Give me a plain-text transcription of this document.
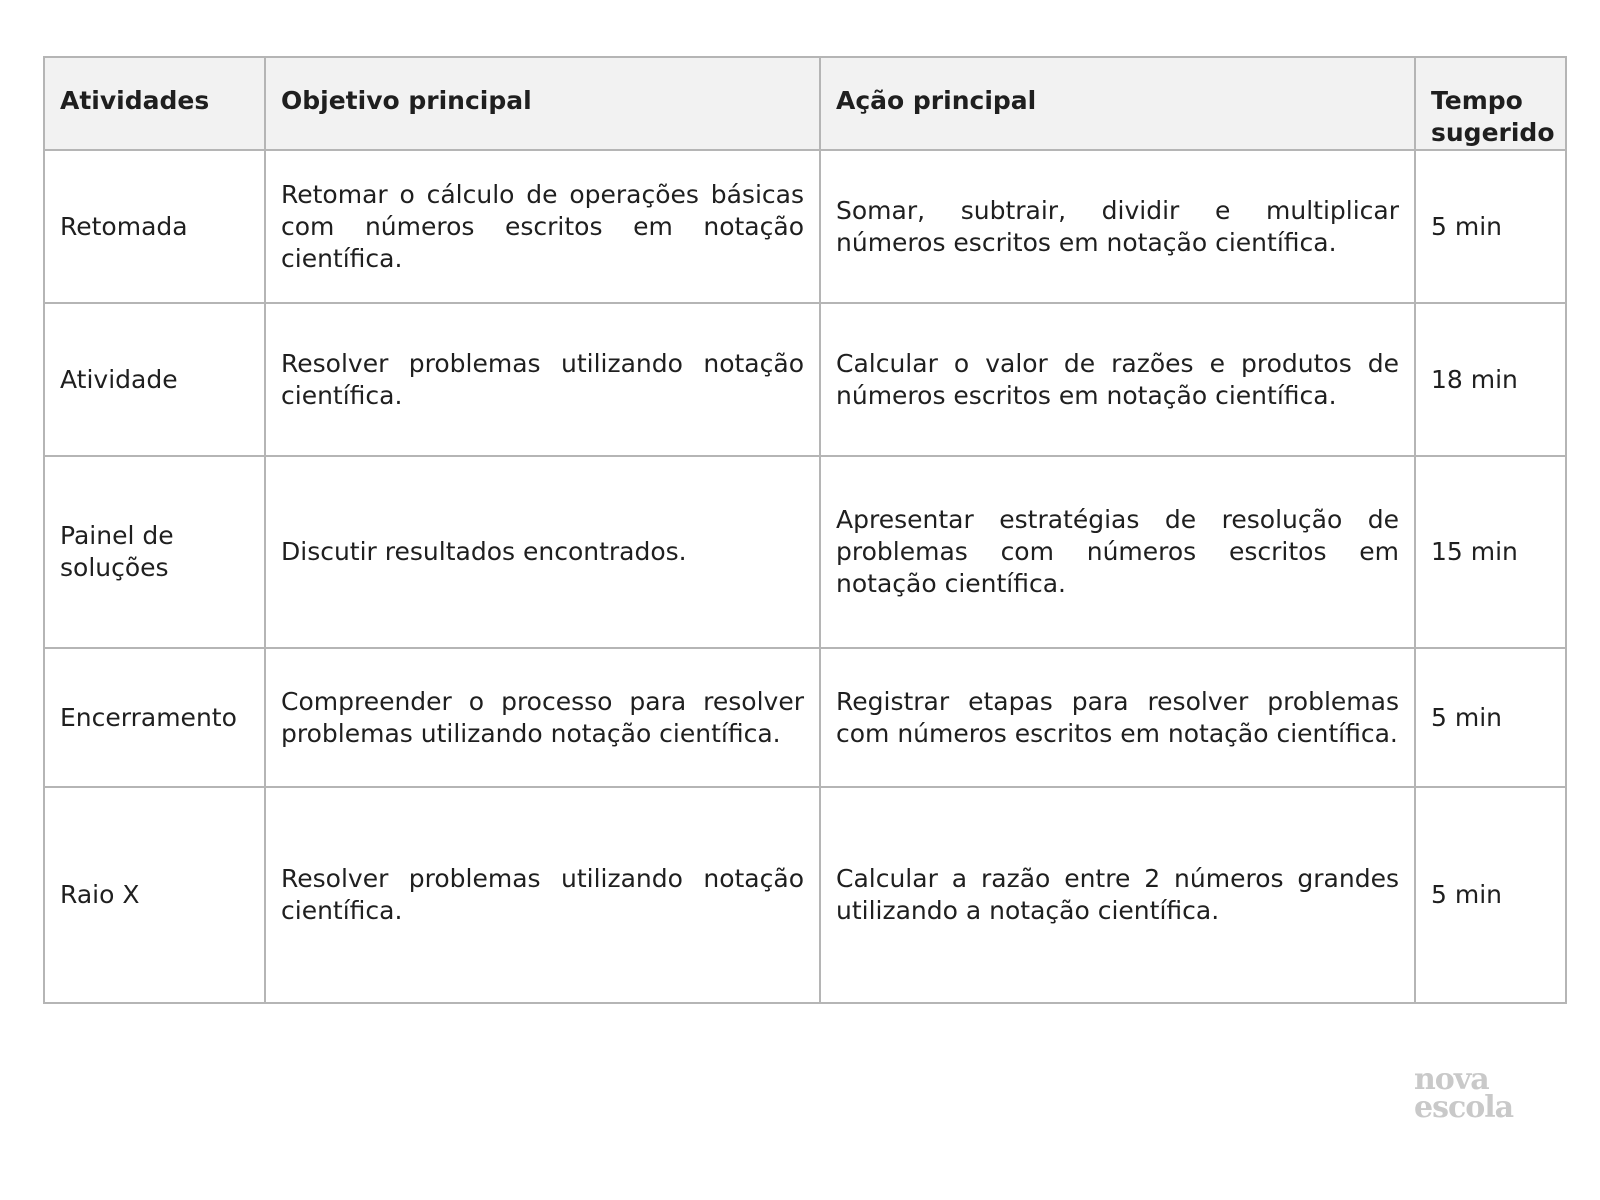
Atividades	Objetivo principal	Ação principal	Tempo sugerido
Retomada	Retomar o cálculo de operações básicas com números escritos em notação científica.	Somar, subtrair, dividir e multiplicar números escritos em notação científica.	5 min
Atividade	Resolver problemas utilizando notação científica.	Calcular o valor de razões e produtos de números escritos em notação científica.	18 min
Painel de soluções	Discutir resultados encontrados.	Apresentar estratégias de resolução de problemas com números escritos em notação científica.	15 min
Encerramento	Compreender o processo para resolver problemas utilizando notação científica.	Registrar etapas para resolver problemas com números escritos em notação científica.	5 min
Raio X	Resolver problemas utilizando notação científica.	Calcular a razão entre 2 números grandes utilizando a notação científica.	5 min
nova
escola
